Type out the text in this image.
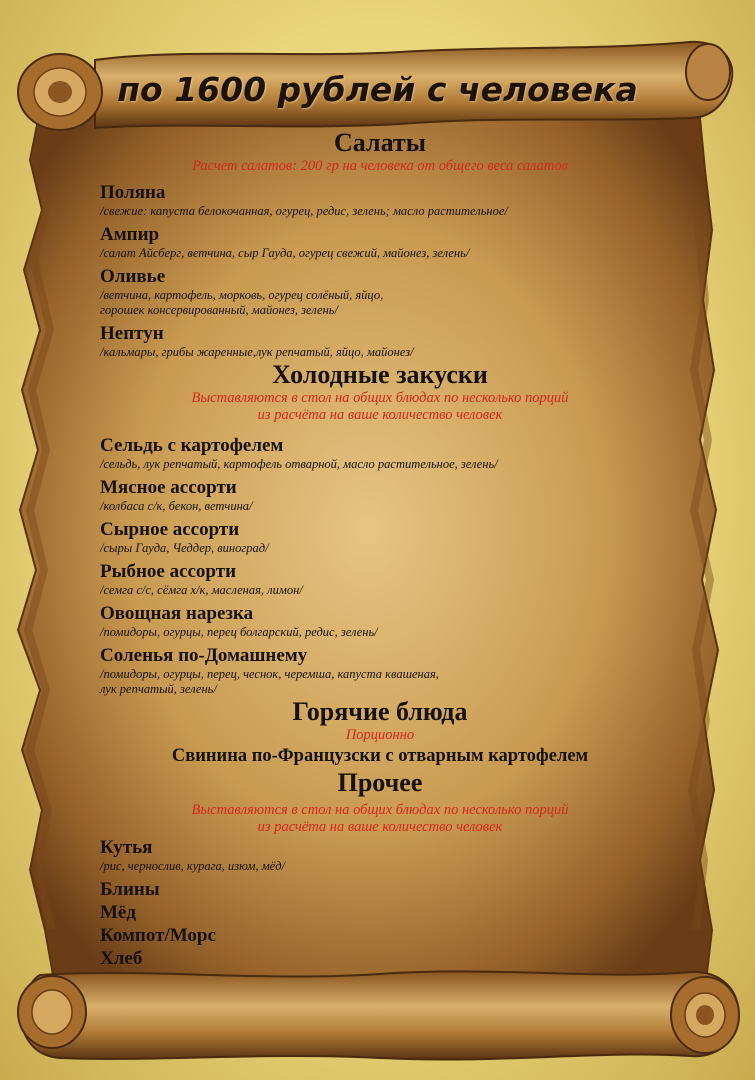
по 1600 рублей с человека

Салаты

Расчет салатов: 200 гр на человека от общего веса салатов

Поляна

/свежие: капуста белокочанная, огурец, редис, зелень; масло растительное/

Ампир

/салат Айсберг, ветчина, сыр Гауда, огурец свежий, майонез, зелень/

Оливье

/ветчина, картофель, морковь, огурец солёный, яйцо,

горошек консервированный, майонез, зелень/

Нептун

/кальмары, грибы жаренные,лук репчатый, яйцо, майонез/

Холодные закуски

Выставляются в стол на общих блюдах по несколько порций

из расчёта на ваше количество человек

Сельдь с картофелем

/сельдь, лук репчатый, картофель отварной, масло растительное, зелень/

Мясное ассорти

/колбаса с/к, бекон, ветчина/

Сырное ассорти

/сыры Гауда, Чеддер, виноград/

Рыбное ассорти

/семга с/с, сёмга х/к, масленая, лимон/

Овощная нарезка

/помидоры, огурцы, перец болгарский, редис, зелень/

Соленья по-Домашнему

/помидоры, огурцы, перец, чеснок, черемша, капуста квашеная,

лук репчатый, зелень/

Горячие блюда

Порционно

Свинина по-Французски с отварным картофелем

Прочее

Выставляются в стол на общих блюдах по несколько порций

из расчёта на ваше количество человек

Кутья

/рис, чернослив, курага, изюм, мёд/

Блины

Мёд

Компот/Морс

Хлеб
